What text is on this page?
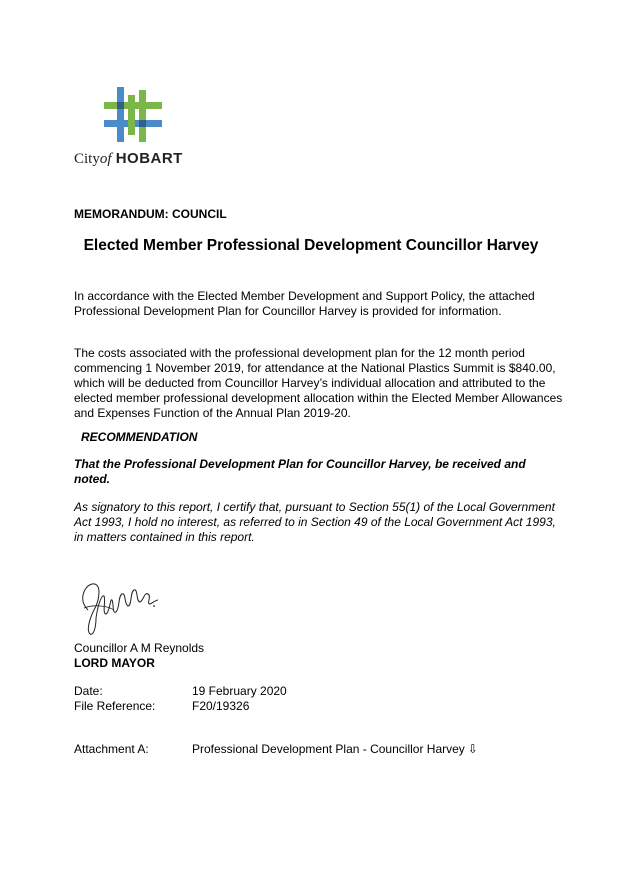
Cityof HOBART
MEMORANDUM: COUNCIL
Elected Member Professional Development Councillor Harvey
In accordance with the Elected Member Development and Support Policy, the attached Professional Development Plan for Councillor Harvey is provided for information.
The costs associated with the professional development plan for the 12 month period commencing 1 November 2019, for attendance at the National Plastics Summit is $840.00, which will be deducted from Councillor Harvey’s individual allocation and attributed to the elected member professional development allocation within the Elected Member Allowances and Expenses Function of the Annual Plan 2019-20.
RECOMMENDATION
That the Professional Development Plan for Councillor Harvey, be received and noted.
As signatory to this report, I certify that, pursuant to Section 55(1) of the Local Government Act 1993, I hold no interest, as referred to in Section 49 of the Local Government Act 1993, in matters contained in this report.
Councillor A M Reynolds
LORD MAYOR
Date:	19 February 2020
File Reference:	F20/19326
Attachment A:	Professional Development Plan - Councillor Harvey ⇩
